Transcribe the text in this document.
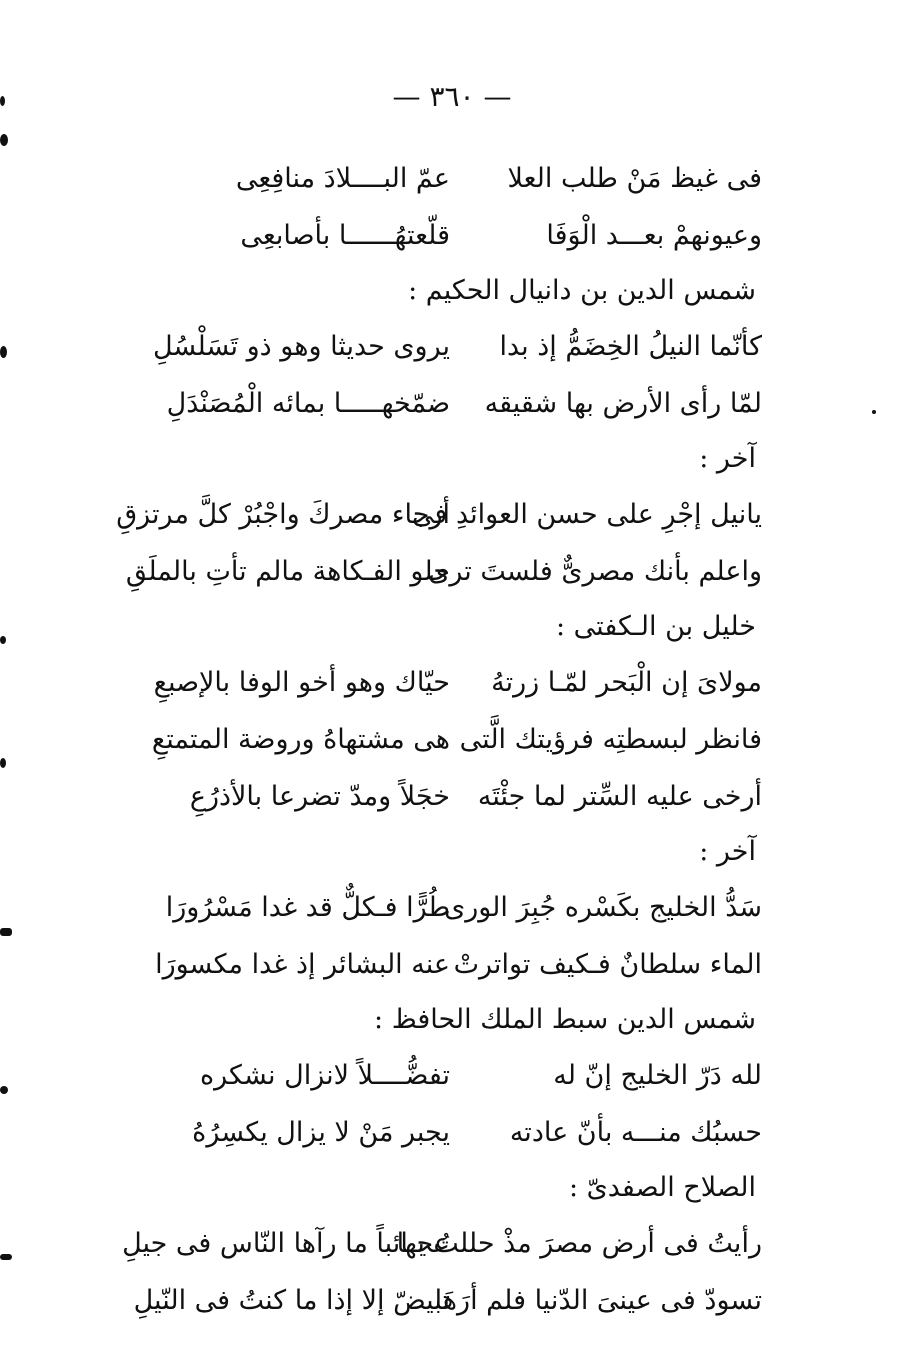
— ٣٦٠ —
فى غيظ مَنْ طلب العلا
عمّ البــــلادَ منافِعِى
وعيونهمْ بعـــد الْوَفَا
قلّعتهُــــــا بأصابعِى
شمس الدين بن دانيال الحكيم :
كأنّما النيلُ الخِضَمُّ إذ بدا
يروى حديثا وهو ذو تَسَلْسُلِ
لمّا رأى الأرض بها شقيقه
ضمّخهـــــا بمائه الْمُصَنْدَلِ
آخر :
يانيل إجْرِ على حسن العوائدِ فى
أرجاء مصركَ واجْبُرْ كلَّ مرتزقِ
واعلم بأنك مصرىٌّ فلستَ ترى
حلو الفـكاهة مالم تأتِ بالملَقِ
خليل بن الـكفتى :
مولاىَ إن الْبَحر لمّـا زرتهُ
حيّاك وهو أخو الوفا بالإصبعِ
فانظر لبسطتِه فرؤيتك الَّتى
هى مشتهاهُ وروضة المتمتعِ
أرخى عليه السِّتر لما جئْتَه
خجَلاً ومدّ تضرعا بالأذرُعِ
آخر :
سَدُّ الخليج بكَسْره جُبِرَ الورى
طُرًّا فـكلٌّ قد غدا مَسْرُورَا
الماء سلطانٌ فـكيف تواترتْ
عنه البشائر إذ غدا مكسورَا
شمس الدين سبط الملك الحافظ :
لله دَرّ الخليج إنّ له
تفضُّــــلاً لانزال نشكره
حسبُك منـــه بأنّ عادته
يجبر مَنْ لا يزال يكسِرُهُ
الصلاح الصفدىّ :
رأيتُ فى أرض مصرَ مذْ حللتُ بها
عجـائباً ما رآها النّاس فى جيلِ
تسودّ فى عينىَ الدّنيا فلم أرَهَا
تبيضّ إلا إذا ما كنتُ فى النّيلِ
